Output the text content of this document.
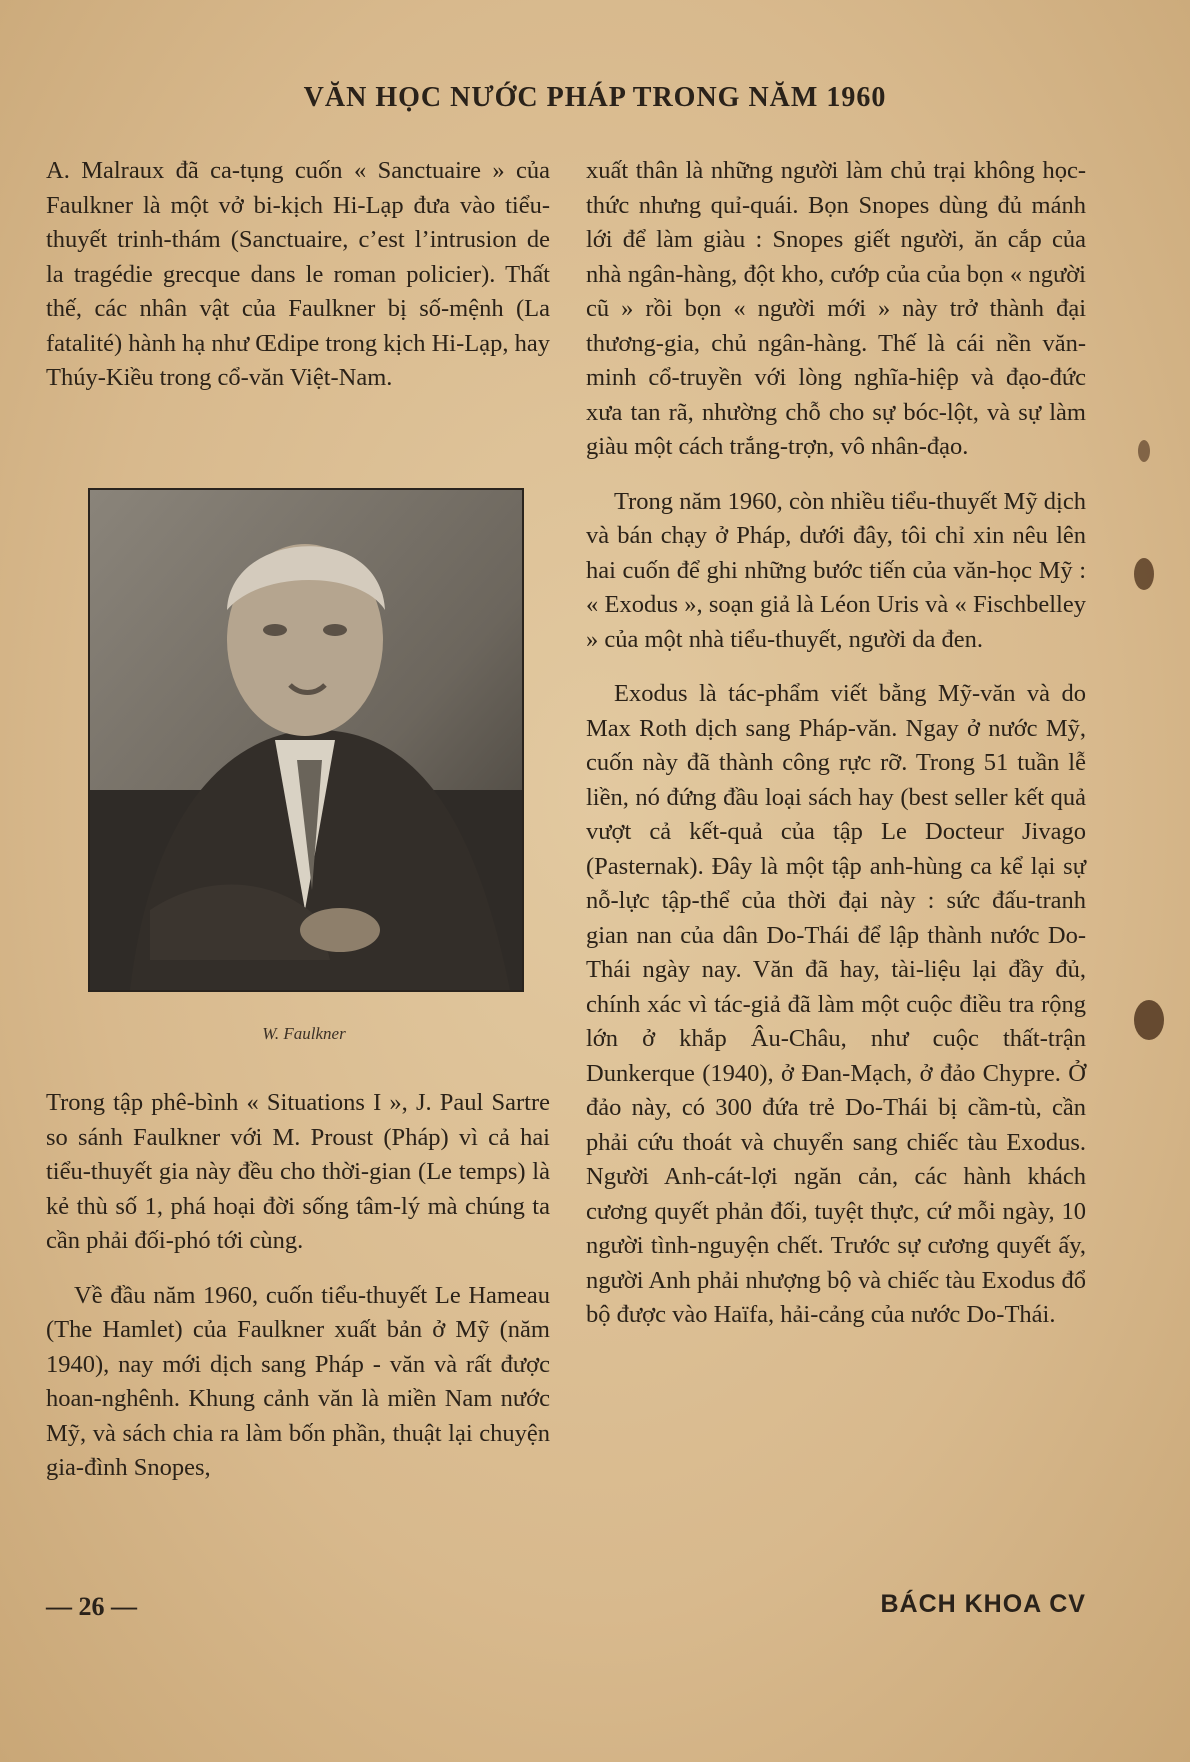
VĂN HỌC NƯỚC PHÁP TRONG NĂM 1960

A. Malraux đã ca-tụng cuốn « Sanctuaire » của Faulkner là một vở bi-kịch Hi-Lạp đưa vào tiểu-thuyết trinh-thám (Sanctuaire, c’est l’intrusion de la tragédie grecque dans le roman policier). Thất thế, các nhân vật của Faulkner bị số-mệnh (La fatalité) hành hạ như Œdipe trong kịch Hi-Lạp, hay Thúy-Kiều trong cổ-văn Việt-Nam.

W. Faulkner

Trong tập phê-bình « Situations I », J. Paul Sartre so sánh Faulkner với M. Proust (Pháp) vì cả hai tiểu-thuyết gia này đều cho thời-gian (Le temps) là kẻ thù số 1, phá hoại đời sống tâm-lý mà chúng ta cần phải đối-phó tới cùng.

Về đầu năm 1960, cuốn tiểu-thuyết Le Hameau (The Hamlet) của Faulkner xuất bản ở Mỹ (năm 1940), nay mới dịch sang Pháp - văn và rất được hoan-nghênh. Khung cảnh văn là miền Nam nước Mỹ, và sách chia ra làm bốn phần, thuật lại chuyện gia-đình Snopes,

xuất thân là những người làm chủ trại không học-thức nhưng quỉ-quái. Bọn Snopes dùng đủ mánh lới để làm giàu : Snopes giết người, ăn cắp của nhà ngân-hàng, đột kho, cướp của của bọn « người cũ » rồi bọn « người mới » này trở thành đại thương-gia, chủ ngân-hàng. Thế là cái nền văn-minh cổ-truyền với lòng nghĩa-hiệp và đạo-đức xưa tan rã, nhường chỗ cho sự bóc-lột, và sự làm giàu một cách trắng-trợn, vô nhân-đạo.

Trong năm 1960, còn nhiều tiểu-thuyết Mỹ dịch và bán chạy ở Pháp, dưới đây, tôi chỉ xin nêu lên hai cuốn để ghi những bước tiến của văn-học Mỹ : « Exodus », soạn giả là Léon Uris và « Fischbelley » của một nhà tiểu-thuyết, người da đen.

Exodus là tác-phẩm viết bằng Mỹ-văn và do Max Roth dịch sang Pháp-văn. Ngay ở nước Mỹ, cuốn này đã thành công rực rỡ. Trong 51 tuần lễ liền, nó đứng đầu loại sách hay (best seller kết quả vượt cả kết-quả của tập Le Docteur Jivago (Pasternak). Đây là một tập anh-hùng ca kể lại sự nỗ-lực tập-thể của thời đại này : sức đấu-tranh gian nan của dân Do-Thái để lập thành nước Do-Thái ngày nay. Văn đã hay, tài-liệu lại đầy đủ, chính xác vì tác-giả đã làm một cuộc điều tra rộng lớn ở khắp Âu-Châu, như cuộc thất-trận Dunkerque (1940), ở Đan-Mạch, ở đảo Chypre. Ở đảo này, có 300 đứa trẻ Do-Thái bị cầm-tù, cần phải cứu thoát và chuyển sang chiếc tàu Exodus. Người Anh-cát-lợi ngăn cản, các hành khách cương quyết phản đối, tuyệt thực, cứ mỗi ngày, 10 người tình-nguyện chết. Trước sự cương quyết ấy, người Anh phải nhượng bộ và chiếc tàu Exodus đổ bộ được vào Haïfa, hải-cảng của nước Do-Thái.

— 26 —	BÁCH KHOA CV
